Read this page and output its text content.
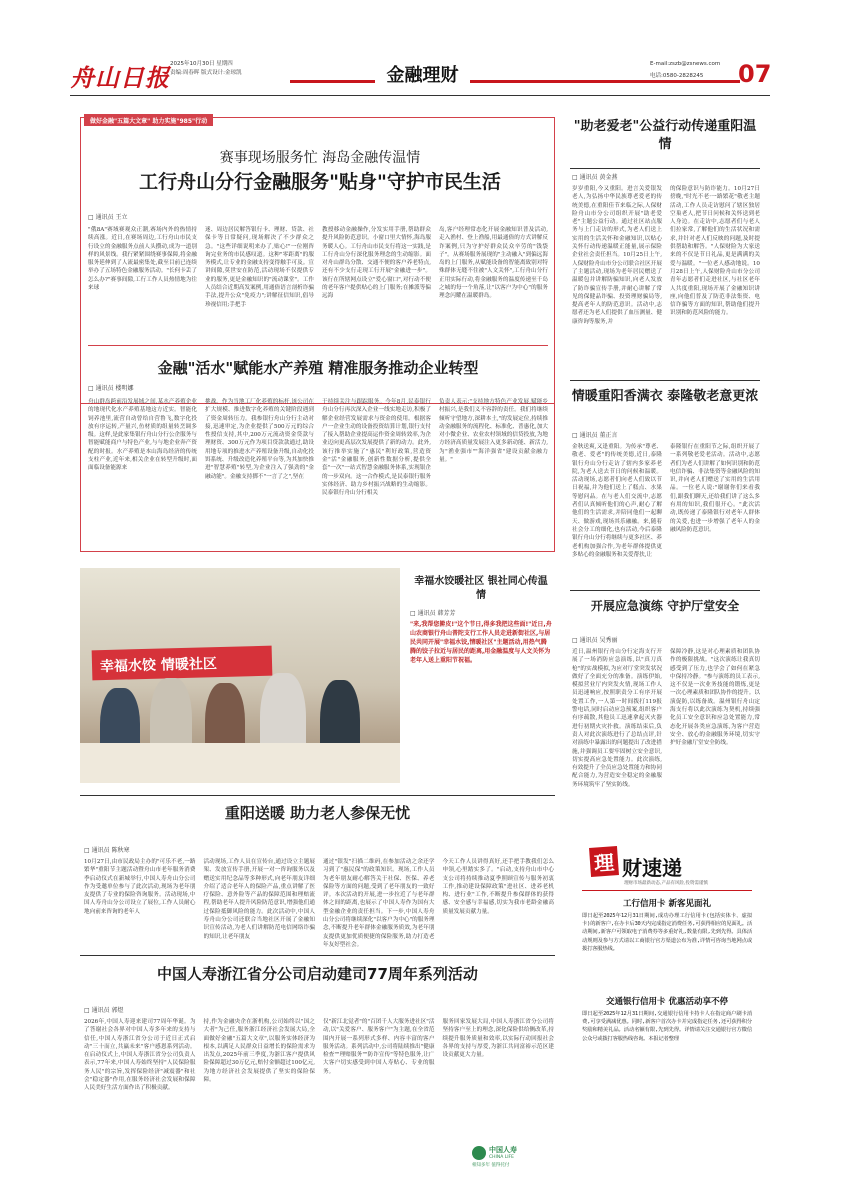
舟山日报 2025年10月30日 星期四
责编:周春晖 版式设计:金琼凯	金融理财
E-mail:zszb@zsnews.com
电话:0580-2828245 07
做好金融"五篇大文章" 助力实施"985"行动
赛事现场服务忙 海岛金融传温情
工行舟山分行金融服务"贴身"守护市民生活
□ 通讯员 王立
"俄8A"赛域赛观众正潮,赛场内外的热情持续高涨。近日,在赛场周边,工行舟山市民支行设立的金融服务点前人头攒动,成为一道别样的风景线。我行紧紧围绕赛事保障,将金融服务延伸到了人流最密集处,截至目前已连续举办了五场特色金融服务活动。"长何卡丢了怎么办?"赛事间隙,工行工作人员热情地为往来球
迷、周边居民解答银行卡、理财、贷款、社保卡等日常疑问,现场解决了不少群众之急。"这些详细说明来办了,贴心!"一位刚咨询完业务的市民感叹道。这种"零距离"的服务模式,让专业的金融支持变得触手可及。宣讲间隙,莫世安在防范,活动现场不仅提供专业的服务,更是金融知识的"流动课堂"。工作人员结合近期高发案例,用通俗语言剖析诈骗手法,提升公众"免疫力";讲解征信知识,倡导珍视信用;手把手
教授移动金融操作,分发实用手册,帮助群众提升风险防范意识。小窗口里大情怀,海岛服务暖人心。工行舟山市民支行将这一实践,是工行舟山分行深化服务理念的生动缩影。面对舟山群岛分散、交通不便的客户养老特点,还有不少支行走现工行开展"金融进一步"。该行在所辖网点设立"爱心窗口",对行动不便的老年客户提供贴心的上门服务;在摊派等偏远海
岛,客户经理常态化开展金融知识普及活动,走入渔村、登上渔船,用最通俗的方式讲解反诈案例,只为守护好群众民众辛劳的"钱袋子"。从赛场服务展现的"主动融入"到偏远海岛的上门服务,从赋能设备的智能离致别对特殊群体无缝不住被"人文关怀",工行舟山分行正用实际行动,将金融服务的温度传递至千岛之城的每一个角落,让"以客户为中心"的服务理念闪耀在温暖群岛。
金融"活水"赋能水产养殖 精准服务推动企业转型
□ 通讯员 楼明娜
"助老爱老"公益行动传递重阳温情
□ 通讯员 黄金燕
岁岁重阳,今又重阳。进言关爱银发老人,为弘扬中华民族尊老爱老的传统美德,在重阳佳节来临之际,人保财险舟山市分公司组织开展"助老爱老"主题公益行动。通过社区站点服务与上门走访的形式,为老人们送上实用的生活关怀和金融知识,以贴心关怀行动传递温暖正能量,展示保险企业社会责任担当。10月25日上午,人保财险舟山市分公司联合社区开展了主题活动,现场为老年居民赠送了温暖包并讲解防骗知识,向老人发放了防诈骗宣传手册,并耐心讲解了常见的保健品诈骗、投资理财骗局等,提高老年人的防范意识。活动中,志愿者还为老人们提供了血压测量、健康咨询等服务,并
的保险意识与防诈能力。10月27日傍晚,"时光不老·一路繁花"敬老主题活动,工作人员走访慰问了辖区独居空巢老人,把节日问候和关怀送到老人身边。在走访中,志愿者们与老人们拉家常,了解他们的生活状况和需求,并针对老人们反映的问题,及时提供帮助和解答。"人保财险为大家送来的不仅是节日礼品,更是满满的关爱与温暖。"一位老人感动地说。10月28日上午,人保财险舟山市分公司青年志愿者们走进社区,与社区老年人共度重阳,现场开展了金融知识讲座,向他们普及了防范非法集资、电信诈骗等方面的知识,帮助他们提升识别和防范风险的能力。
情暖重阳香满衣 泰隆敬老意更浓
□ 通讯员 董正言
金秋送爽,又逢重阳。为传承"尊老、敬老、爱老"的传统美德,近日,泰隆银行舟山分行走访了辖内多家养老院,为老人送去节日的问候和温暖。活动现场,志愿者们向老人们致以节日祝福,并为他们送上了糕点、水果等慰问品。在与老人们交流中,志愿者们认真倾听他们的心声,耐心了解他们的生活需求,并陪同他们一起聊天、做游戏,现场其乐融融。来,随着社会分工的细化,也有活动,今后泰隆银行舟山分行将继续与更多社区、养老机构加强合作,为老年群体提供更多贴心的金融服务和关爱帮扶,让
泰隆银行在重阳节之际,组织开展了一系列敬老爱老活动。活动中,志愿者们为老人们讲解了如何识别和防范电信诈骗、非法集资等金融风险的知识,并向老人们赠送了实用的生活用品。一位老人说:"谢谢你们来看我们,跟我们聊天,还给我们讲了这么多有用的知识,我们很开心。"此次活动,既传递了泰隆银行对老年人群体的关爱,也进一步增强了老年人的金融风险防范意识。
幸福水饺 情暖社区
幸福水饺暖社区 银社同心传温情
□ 通讯员 韩芳芳
"来,我帮您擀皮!"这个节日,得多我把这些面!"近日,舟山农商银行舟山普陀支行工作人员走进新街社区,与居民共同开展"幸福水饺,情暖社区"主题活动,用热气腾腾的饺子拉近与居民的距离,用金融温度与人文关怀为老年人送上重阳节祝福。
开展应急演练 守护厅堂安全
□ 通讯员 吴秀丽
近日,温州银行舟山分行定海支行开展了一场消防应急演练,以"真刀真枪"的实战模拟,为应对厅堂突发状况做好了全面充分的准备。演练伊始,模拟营业厅内突发火情,现场工作人员迅速响应,按照职责分工有序开展处置工作,一人第一时间拨打119报警电话,同时启动应急预案,组织客户有序疏散,其他员工迅速拿起灭火器进行初期火灾扑救。演练结束后,负责人对此次演练进行了总结点评,针对演练中暴露出的问题提出了改进措施,并强调员工要牢固树立安全意识,切实提高应急处置能力。此次演练,有效提升了全员应急处置能力和协同配合能力,为营造安全稳定的金融服务环境筑牢了坚实防线。
保障冷静,这是对心理素质和团队协作的极限挑战。"这次演练让我真切感受到了压力,也学会了如何在紧急中保持冷静。"参与演练的员工表示,这不仅是一次业务技能的锻炼,更是一次心理素质和团队协作的提升。以演促防,以练备战。温州银行舟山定海支行将以此次演练为契机,持续强化员工安全意识和应急处置能力,常态化开展各类应急演练,为客户营造安全、放心的金融服务环境,切实守护好金融厅堂安全防线。
重阳送暖 助力老人参保无忧
□ 通讯员 陈秋寒
10月27日,由市民政局主办的"可乐不老,一路繁华"重阳节主题活动暨舟山市老年服务消费季启动仪式在新城举行,中国人寿舟山分公司作为受邀单位参与了此次活动,现场为老年朋友提供了专业的保险咨询服务。活动现场,中国人寿舟山分公司设立了展位,工作人员耐心地向前来咨询的老年人
活动现场,工作人员在宣传台,通过设立主题展架、发放宣传手册,开展一对一咨询服务以及赠送实用纪念品等多种形式,向老年朋友详细介绍了适合老年人的保险产品,重点讲解了医疗保险、意外险等产品的保障范围和理赔流程,帮助老年人提升风险防范意识,增强他们通过保险抵御风险的能力。此次活动中,中国人寿舟山分公司还联合当地社区开展了金融知识宣传活动,为老人们讲解防范电信网络诈骗的知识,让老年朋友
通过"银发"扫描二维码,在参加活动之余还学习到了"惠民保"的政策知识。现场,工作人员为老年朋友耐心解答关于社保、医保、养老保险等方面的问题,受到了老年朋友的一致好评。本次活动的开展,进一步拉近了与老年群体之间的距离,也展示了中国人寿作为国有大型金融企业的责任担当。下一步,中国人寿舟山分公司将继续深化"以客户为中心"的服务理念,不断提升老年群体金融服务质效,为老年朋友提供更加优质便捷的保险服务,助力打造老年友好型社会。
今天工作人员讲得真好,还手把手教我们怎么申领,心里踏实多了。"启动,支持舟山市中心支公司将持续推动夏季照顾宣传与服务初衷工作,推动建设保障政策"进社区、进养老机构、进行业"工作,不断提升参保群体的获得感、安全感与幸福感,切实为我市老龄金融高质量发展贡献力量。
中国人寿浙江省分公司启动建司77周年系列活动
□ 通讯员 郭煜
2026年,中国人寿迎来建司77周年华诞。为了答谢社会各界对中国人寿多年来的支持与信任,中国人寿浙江省分公司于近日正式启动"三十而立,共赢未来"客户感恩系列活动。在启动仪式上,中国人寿浙江省分公司负责人表示,77年来,中国人寿始终坚持"人民保险服务人民"的宗旨,发挥保险经济"减震器"和社会"稳定器"作用,在服务经济社会发展和保障人民美好生活方面作出了积极贡献。
持,作为金融央企在浙机构,公司始终以"国之大者"为己任,服务浙江经济社会发展大局,全面做好金融"五篇大文章",以服务实体经济为根本,以满足人民群众日益增长的保险需求为出发点,2025年前三季度,为浙江客户提供风险保障超过30万亿元,赔付金额超过100亿元,为地方经济社会发展提供了坚实的保险保障。
仅"新江北觉者"的"百团千人大服务进社区"活动,以"关爱客户、服务客户"为主题,在全省范围内开展一系列形式多样、内容丰富的客户服务活动。系列活动中,公司将陆续推出"健康检查""理赔服务""防诈宣传"等特色服务,让广大客户切实感受到中国人寿贴心、专业的服务。
服务回家发展大局,中国人寿浙江省分公司将坚持客户至上的理念,深化保险供给侧改革,持续提升服务质量和效率,以实际行动回报社会各界的支持与厚爱,为浙江共同富裕示范区建设贡献更大力量。
中国人寿
CHINA LIFE
相知多年 值得托付
理 财速递
理财市场最新动态,产品有风险,投资需谨慎
工行信用卡 新客见面礼
即日起至2025年12月31日期间,成功办理工行信用卡(包括实体卡、虚拟卡)的新客户,在办卡后30天内完成指定消费任务,可获得相应的见面礼。活动期间,新客户可领取电子消费券等多重好礼,数量有限,先到先得。具体活动规则及参与方式请以工商银行官方渠道公布为准,详情可咨询当地网点或拨打客服热线。
交通银行信用卡 优惠活动享不停
即日起至2025年12月31日期间,交通银行信用卡持卡人在指定商户刷卡消费,可享受满减优惠。同时,新客户首次办卡并完成指定任务,还可获得积分奖励和精美礼品。活动名额有限,先到先得。详情请关注交通银行官方微信公众号或拨打客服热线咨询。本报记者整理
舟山群岛跨前沿发展域之间,某水产养殖企业的地现代化水产养殖基地这方近实。智能化饲养池里,流营自动曾给自营鲁飞,数字化投放有序运转,产量兴,鱼材质的组量转烹调多级。这样,是此家集银行舟山分行公企服务与智能赋能商户与特色产业,与与地企业奔产资配的时报。水产养殖是本山海岛经济的传统支柱产业,近年来,相关企业在转型升级时,面面临设备能源来
挑战。作为当地工厂化养殖的标杆,该公司在扩大规模、推进数字化养殖的关键阶段遇到了资金周转压力。我参银行舟山分行主动对接,迅速审定,为企业提供了500万元的综合性授信支持,其中,200万元流动资金贷款与理财资、300万元作为项目贷款款通过,助设用地专项的推进水产养殖设备升级,自动化投饵系统、升级改造化养殖平台等,为其加快推进"智慧养殖"转型,为企业注入了强劲的"金融动能"。金融支持掷不"一言了之",坚在
于持续关注与跟踪服务。今年8月,民泰银行舟山分行再次深入企业一线实地走访,积极了解企业经营发展需求与资金的使用。根据客户一企业生动的设备投资结算计划,银行支付了接入帮助企业提高运作资金周转效率,为企业迈向更高层次发展提供了新的动力。此外,该行推举实施了"惠民"利好政策,营造资金"活"金融服务,创新性数据分析,提供全套"一次"一站式智慧金融服务体系,实现银企的一步双向。这一合作模式,是民泰银行服务实体经济、助力乡村振兴战略的生动缩影。民泰银行舟山分行相关
负责人表示:"支持地方特色产业发展,赋能乡村振兴,是我们义不容辞的责任。我们将继续倾听守望地方,深耕本土,"的发展定位,持续推动金融服务的流程化、标准化、普惠化,加大对小微企业、农业农村领域的信贷投放,为地方经济高质量发展注入更多新动能、新活力,为"渔业强市""海洋强省"建设贡献金融力量。"
